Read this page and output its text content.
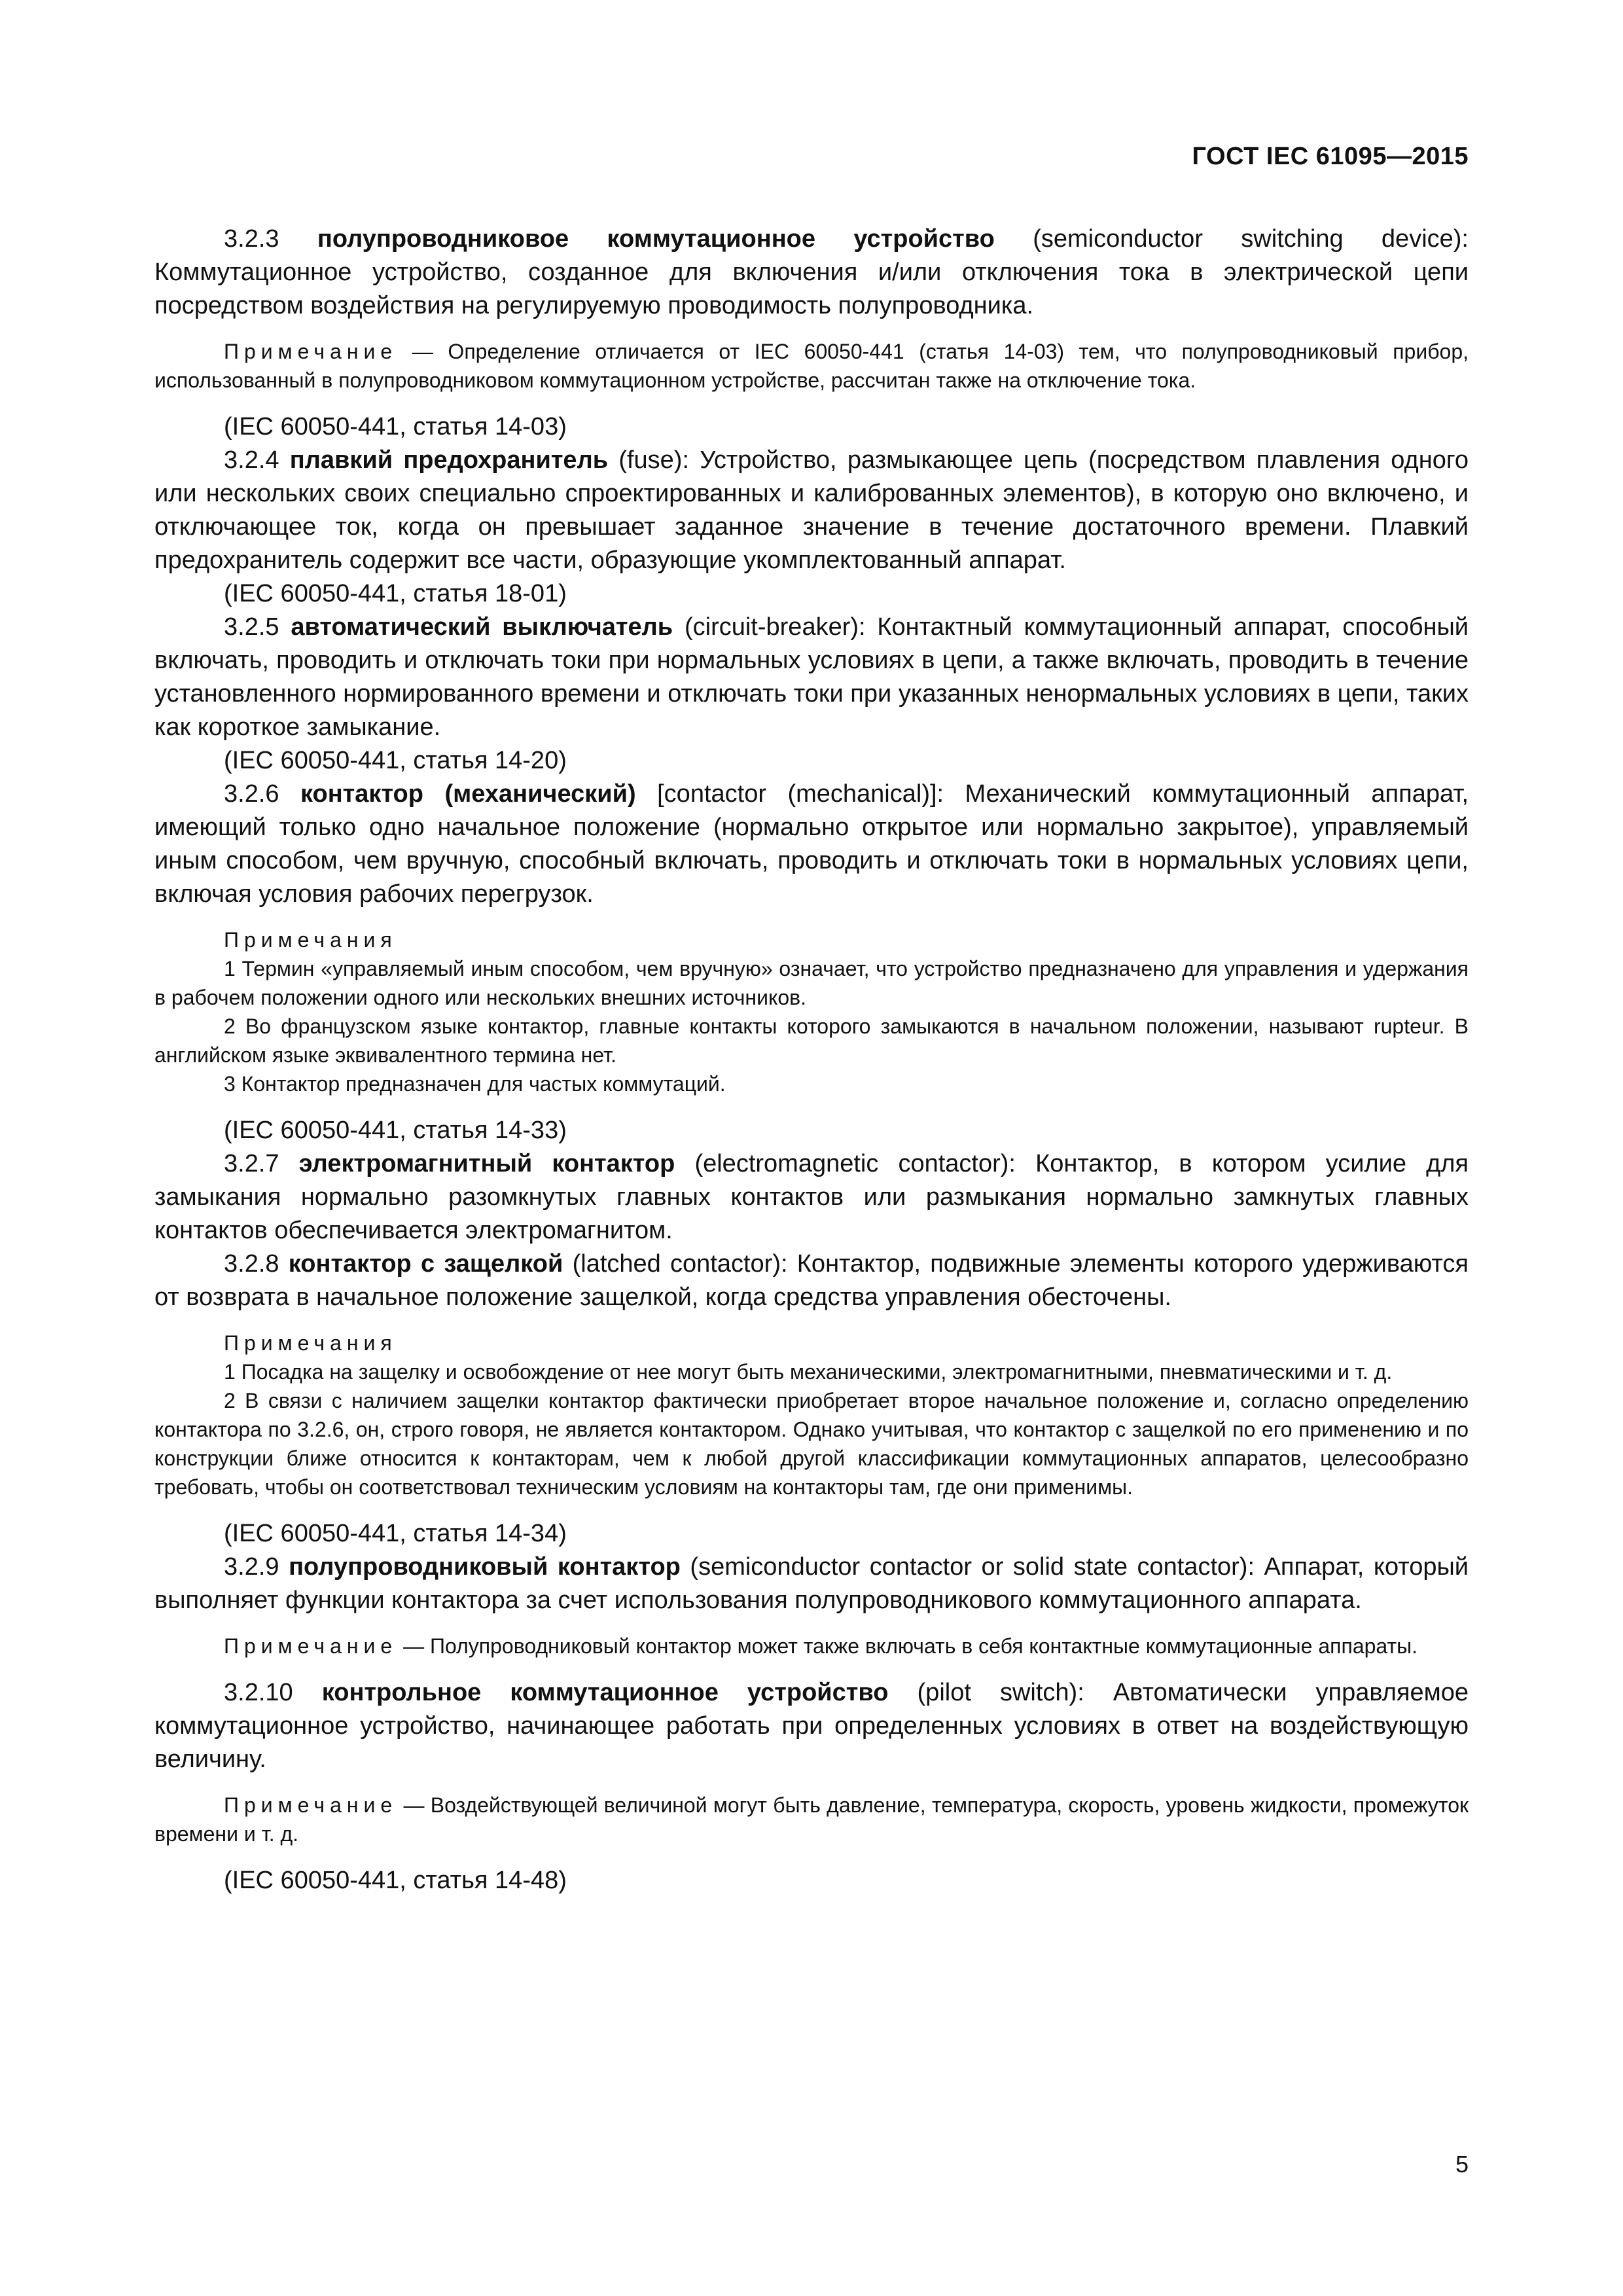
ГОСТ IEC 61095—2015

3.2.3 полупроводниковое коммутационное устройство (semiconductor switching device): Коммутационное устройство, созданное для включения и/или отключения тока в электрической цепи посредством воздействия на регулируемую проводимость полупроводника.

Примечание — Определение отличается от IEC 60050-441 (статья 14-03) тем, что полупроводниковый прибор, использованный в полупроводниковом коммутационном устройстве, рассчитан также на отключение тока.

(IEC 60050-441, статья 14-03)

3.2.4 плавкий предохранитель (fuse): Устройство, размыкающее цепь (посредством плавления одного или нескольких своих специально спроектированных и калиброванных элементов), в которую оно включено, и отключающее ток, когда он превышает заданное значение в течение достаточного времени. Плавкий предохранитель содержит все части, образующие укомплектованный аппарат.

(IEC 60050-441, статья 18-01)

3.2.5 автоматический выключатель (circuit-breaker): Контактный коммутационный аппарат, способный включать, проводить и отключать токи при нормальных условиях в цепи, а также включать, проводить в течение установленного нормированного времени и отключать токи при указанных ненормальных условиях в цепи, таких как короткое замыкание.

(IEC 60050-441, статья 14-20)

3.2.6 контактор (механический) [contactor (mechanical)]: Механический коммутационный аппарат, имеющий только одно начальное положение (нормально открытое или нормально закрытое), управляемый иным способом, чем вручную, способный включать, проводить и отключать токи в нормальных условиях цепи, включая условия рабочих перегрузок.

Примечания

1 Термин «управляемый иным способом, чем вручную» означает, что устройство предназначено для управления и удержания в рабочем положении одного или нескольких внешних источников.

2 Во французском языке контактор, главные контакты которого замыкаются в начальном положении, называют rupteur. В английском языке эквивалентного термина нет.

3 Контактор предназначен для частых коммутаций.

(IEC 60050-441, статья 14-33)

3.2.7 электромагнитный контактор (electromagnetic contactor): Контактор, в котором усилие для замыкания нормально разомкнутых главных контактов или размыкания нормально замкнутых главных контактов обеспечивается электромагнитом.

3.2.8 контактор с защелкой (latched contactor): Контактор, подвижные элементы которого удерживаются от возврата в начальное положение защелкой, когда средства управления обесточены.

Примечания

1 Посадка на защелку и освобождение от нее могут быть механическими, электромагнитными, пневматическими и т. д.

2 В связи с наличием защелки контактор фактически приобретает второе начальное положение и, согласно определению контактора по 3.2.6, он, строго говоря, не является контактором. Однако учитывая, что контактор с защелкой по его применению и по конструкции ближе относится к контакторам, чем к любой другой классификации коммутационных аппаратов, целесообразно требовать, чтобы он соответствовал техническим условиям на контакторы там, где они применимы.

(IEC 60050-441, статья 14-34)

3.2.9 полупроводниковый контактор (semiconductor contactor or solid state contactor): Аппарат, который выполняет функции контактора за счет использования полупроводникового коммутационного аппарата.

Примечание — Полупроводниковый контактор может также включать в себя контактные коммутационные аппараты.

3.2.10 контрольное коммутационное устройство (pilot switch): Автоматически управляемое коммутационное устройство, начинающее работать при определенных условиях в ответ на воздействующую величину.

Примечание — Воздействующей величиной могут быть давление, температура, скорость, уровень жидкости, промежуток времени и т. д.

(IEC 60050-441, статья 14-48)

5
